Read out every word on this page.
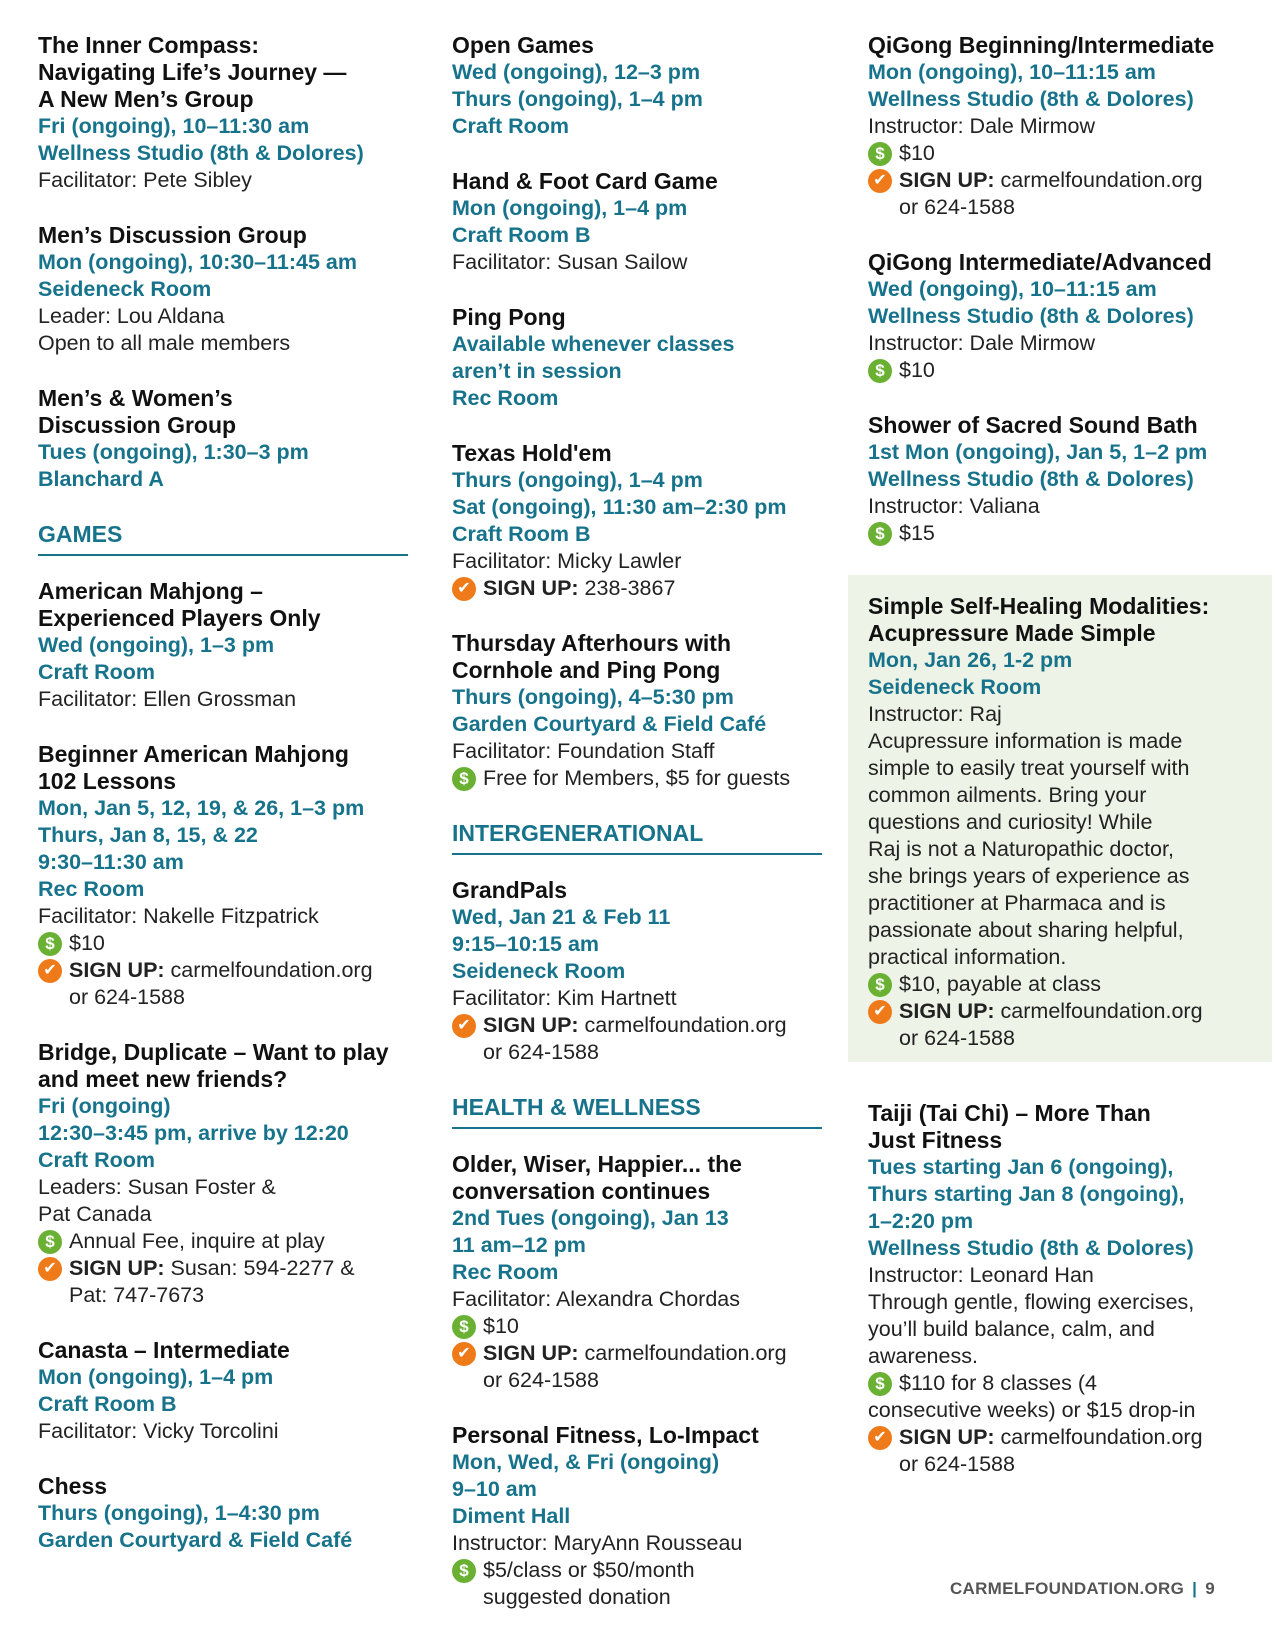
The Inner Compass:
Navigating Life’s Journey —
A New Men’s Group
Fri (ongoing), 10–11:30 am
Wellness Studio (8th & Dolores)
Facilitator: Pete Sibley
Men’s Discussion Group
Mon (ongoing), 10:30–11:45 am
Seideneck Room
Leader: Lou Aldana
Open to all male members
Men’s & Women’s
Discussion Group
Tues (ongoing), 1:30–3 pm
Blanchard A
GAMES
American Mahjong –
Experienced Players Only
Wed (ongoing), 1–3 pm
Craft Room
Facilitator: Ellen Grossman
Beginner American Mahjong
102 Lessons
Mon, Jan 5, 12, 19, & 26, 1–3 pm
Thurs, Jan 8, 15, & 22
9:30–11:30 am
Rec Room
Facilitator: Nakelle Fitzpatrick
$ $10
✔ SIGN UP: carmelfoundation.org
or 624-1588
Bridge, Duplicate – Want to play
and meet new friends?
Fri (ongoing)
12:30–3:45 pm, arrive by 12:20
Craft Room
Leaders: Susan Foster &
Pat Canada
$ Annual Fee, inquire at play
✔ SIGN UP: Susan: 594-2277 &
Pat: 747-7673
Canasta – Intermediate
Mon (ongoing), 1–4 pm
Craft Room B
Facilitator: Vicky Torcolini
Chess
Thurs (ongoing), 1–4:30 pm
Garden Courtyard & Field Café
Open Games
Wed (ongoing), 12–3 pm
Thurs (ongoing), 1–4 pm
Craft Room
Hand & Foot Card Game
Mon (ongoing), 1–4 pm
Craft Room B
Facilitator: Susan Sailow
Ping Pong
Available whenever classes
aren’t in session
Rec Room
Texas Hold'em
Thurs (ongoing), 1–4 pm
Sat (ongoing), 11:30 am–2:30 pm
Craft Room B
Facilitator: Micky Lawler
✔ SIGN UP: 238-3867
Thursday Afterhours with
Cornhole and Ping Pong
Thurs (ongoing), 4–5:30 pm
Garden Courtyard & Field Café
Facilitator: Foundation Staff
$ Free for Members, $5 for guests
INTERGENERATIONAL
GrandPals
Wed, Jan 21 & Feb 11
9:15–10:15 am
Seideneck Room
Facilitator: Kim Hartnett
✔ SIGN UP: carmelfoundation.org
or 624-1588
HEALTH & WELLNESS
Older, Wiser, Happier... the
conversation continues
2nd Tues (ongoing), Jan 13
11 am–12 pm
Rec Room
Facilitator: Alexandra Chordas
$ $10
✔ SIGN UP: carmelfoundation.org
or 624-1588
Personal Fitness, Lo-Impact
Mon, Wed, & Fri (ongoing)
9–10 am
Diment Hall
Instructor: MaryAnn Rousseau
$ $5/class or $50/month
suggested donation
QiGong Beginning/Intermediate
Mon (ongoing), 10–11:15 am
Wellness Studio (8th & Dolores)
Instructor: Dale Mirmow
$ $10
✔ SIGN UP: carmelfoundation.org
or 624-1588
QiGong Intermediate/Advanced
Wed (ongoing), 10–11:15 am
Wellness Studio (8th & Dolores)
Instructor: Dale Mirmow
$ $10
Shower of Sacred Sound Bath
1st Mon (ongoing), Jan 5, 1–2 pm
Wellness Studio (8th & Dolores)
Instructor: Valiana
$ $15
Simple Self-Healing Modalities:
Acupressure Made Simple
Mon, Jan 26, 1-2 pm
Seideneck Room
Instructor: Raj
Acupressure information is made
simple to easily treat yourself with
common ailments. Bring your
questions and curiosity! While
Raj is not a Naturopathic doctor,
she brings years of experience as
practitioner at Pharmaca and is
passionate about sharing helpful,
practical information.
$ $10, payable at class
✔ SIGN UP: carmelfoundation.org
or 624-1588
Taiji (Tai Chi) – More Than
Just Fitness
Tues starting Jan 6 (ongoing),
Thurs starting Jan 8 (ongoing),
1–2:20 pm
Wellness Studio (8th & Dolores)
Instructor: Leonard Han
Through gentle, flowing exercises,
you’ll build balance, calm, and
awareness.
$ $110 for 8 classes (4
consecutive weeks) or $15 drop-in
✔ SIGN UP: carmelfoundation.org
or 624-1588
CARMELFOUNDATION.ORG | 9
